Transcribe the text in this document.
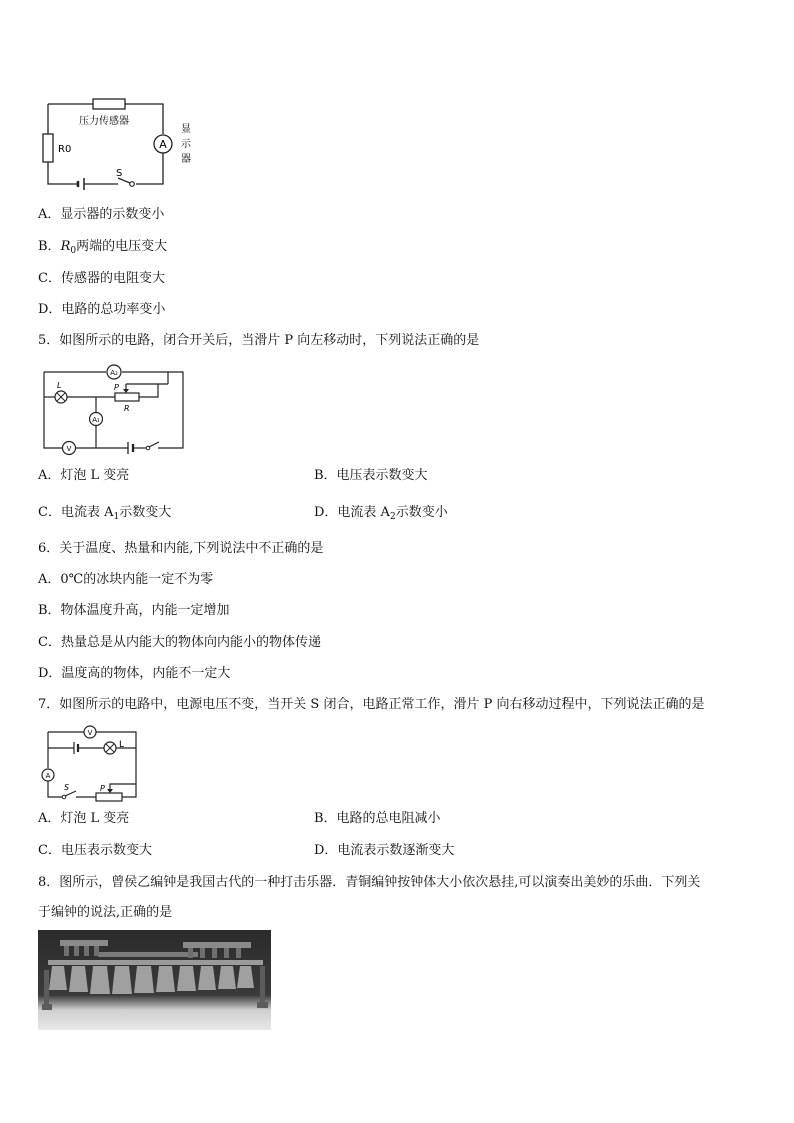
A
S
R0
压力传感器
显
示
器
A．显示器的示数变小
B．$R_0$两端的电压变大
C．传感器的电阻变大
D．电路的总功率变小
5．如图所示的电路，闭合开关后，当滑片 P 向左移动时，下列说法正确的是
A₂
L	P
R
A₁
V
A．灯泡 L 变亮	B．电压表示数变大
C．电流表 $A_1$示数变大	D．电流表 $A_2$示数变小
6．关于温度、热量和内能,下列说法中不正确的是
A．0℃的冰块内能一定不为零
B．物体温度升高，内能一定增加
C．热量总是从内能大的物体向内能小的物体传递
D．温度高的物体，内能不一定大
7．如图所示的电路中，电源电压不变，当开关 S 闭合，电路正常工作，滑片 P 向右移动过程中，下列说法正确的是
V
L
A
S	P
A．灯泡 L 变亮	B．电路的总电阻减小
C．电压表示数变大	D．电流表示数逐渐变大
8．图所示，曾侯乙编钟是我国古代的一种打击乐器．青铜编钟按钟体大小依次悬挂,可以演奏出美妙的乐曲．下列关
于编钟的说法,正确的是
